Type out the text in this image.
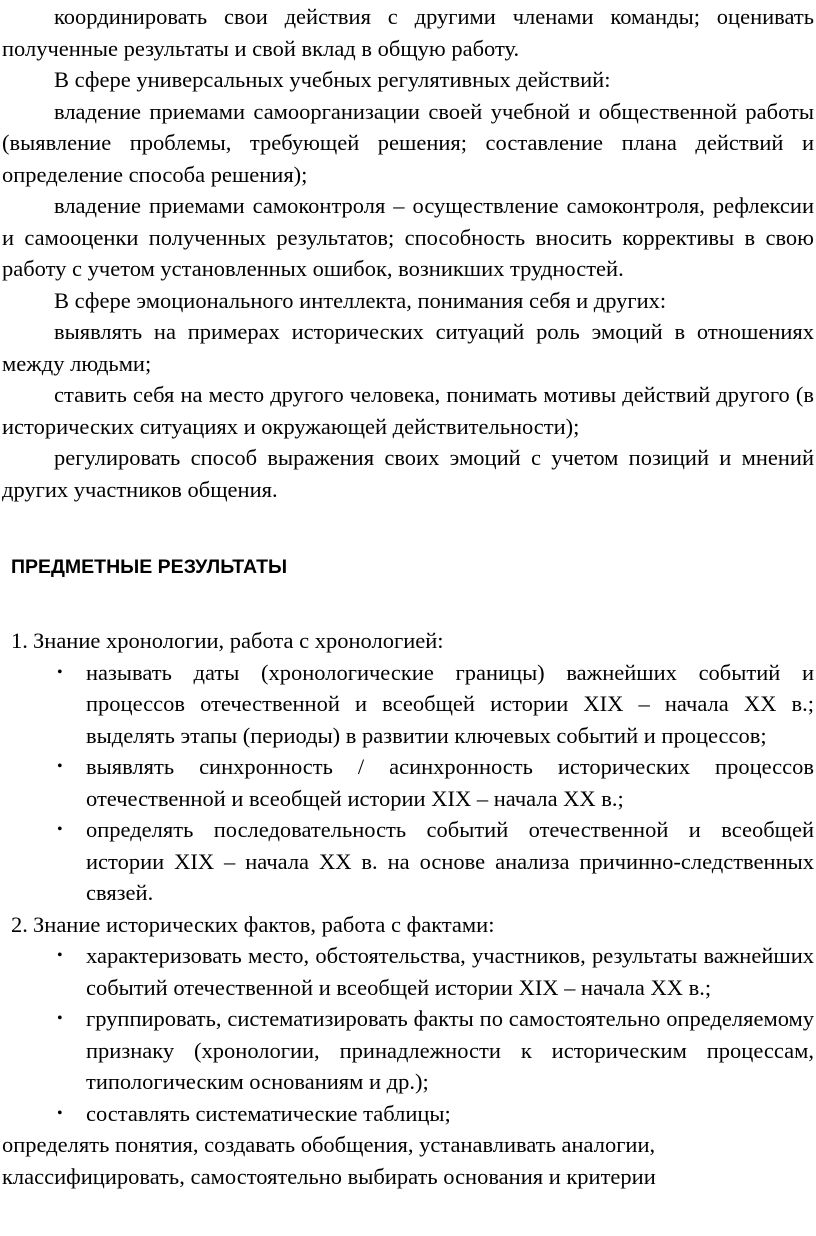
координировать свои действия с другими членами команды; оценивать полученные результаты и свой вклад в общую работу.

В сфере универсальных учебных регулятивных действий:

владение приемами самоорганизации своей учебной и общественной работы (выявление проблемы, требующей решения; составление плана действий и определение способа решения);

владение приемами самоконтроля – осуществление самоконтроля, рефлексии и самооценки полученных результатов; способность вносить коррективы в свою работу с учетом установленных ошибок, возникших трудностей.

В сфере эмоционального интеллекта, понимания себя и других:

выявлять на примерах исторических ситуаций роль эмоций в отношениях между людьми;

ставить себя на место другого человека, понимать мотивы действий другого (в исторических ситуациях и окружающей действительности);

регулировать способ выражения своих эмоций с учетом позиций и мнений других участников общения.

ПРЕДМЕТНЫЕ РЕЗУЛЬТАТЫ

1. Знание хронологии, работа с хронологией:

• называть даты (хронологические границы) важнейших событий и процессов отечественной и всеобщей истории XIX – начала XX в.; выделять этапы (периоды) в развитии ключевых событий и процессов;
• выявлять синхронность / асинхронность исторических процессов отечественной и всеобщей истории XIX – начала XX в.;
• определять последовательность событий отечественной и всеобщей истории XIX – начала XX в. на основе анализа причинно-следственных связей.

2. Знание исторических фактов, работа с фактами:

• характеризовать место, обстоятельства, участников, результаты важнейших событий отечественной и всеобщей истории XIX – начала XX в.;
• группировать, систематизировать факты по самостоятельно определяемому признаку (хронологии, принадлежности к историческим процессам, типологическим основаниям и др.);
• составлять систематические таблицы;

определять понятия, создавать обобщения, устанавливать аналогии,

классифицировать, самостоятельно выбирать основания и критерии
